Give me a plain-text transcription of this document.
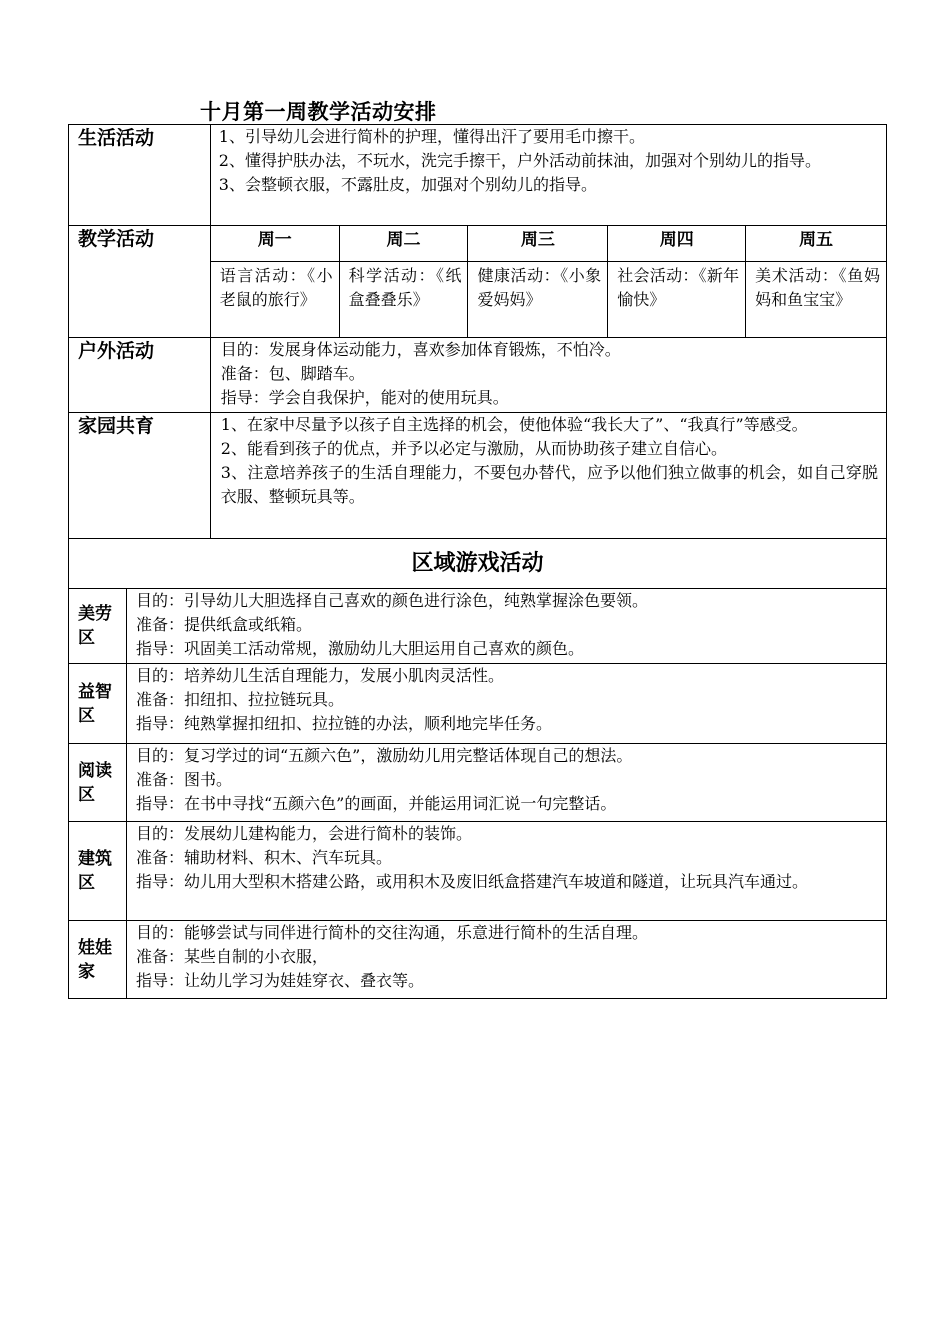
十月第一周教学活动安排
生活活动	1、引导幼儿会进行简朴的护理，懂得出汗了要用毛巾擦干。
2、懂得护肤办法，不玩水，洗完手擦干，户外活动前抹油，加强对个别幼儿的指导。
3、会整顿衣服，不露肚皮，加强对个别幼儿的指导。				

教学活动	周一	周二	周三	周四	周五
	语言活动：《小老鼠的旅行》	科学活动：《纸盒叠叠乐》	健康活动：《小象爱妈妈》	社会活动：《新年愉快》	美术活动：《鱼妈妈和鱼宝宝》
户外活动	目的：发展身体运动能力，喜欢参加体育锻炼，不怕冷。
准备：包、脚踏车。
指导：学会自我保护，能对的使用玩具。				

家园共育	1、在家中尽量予以孩子自主选择的机会，使他体验“我长大了”、“我真行”等感受。
2、能看到孩子的优点，并予以必定与激励，从而协助孩子建立自信心。
3、注意培养孩子的生活自理能力，不要包办替代，应予以他们独立做事的机会，如自己穿脱衣服、整顿玩具等。				
区域游戏活动	
美劳区	目的：引导幼儿大胆选择自己喜欢的颜色进行涂色，纯熟掌握涂色要领。
准备：提供纸盒或纸箱。
指导：巩固美工活动常规，激励幼儿大胆运用自己喜欢的颜色。

益智区	目的：培养幼儿生活自理能力，发展小肌肉灵活性。
准备：扣纽扣、拉拉链玩具。
指导：纯熟掌握扣纽扣、拉拉链的办法，顺利地完毕任务。

阅读区	目的：复习学过的词“五颜六色”，激励幼儿用完整话体现自己的想法。
准备：图书。
指导：在书中寻找“五颜六色”的画面，并能运用词汇说一句完整话。

建筑区	目的：发展幼儿建构能力，会进行简朴的装饰。
准备：辅助材料、积木、汽车玩具。
指导：幼儿用大型积木搭建公路，或用积木及废旧纸盒搭建汽车坡道和隧道，让玩具汽车通过。

娃娃家	目的：能够尝试与同伴进行简朴的交往沟通，乐意进行简朴的生活自理。
准备：某些自制的小衣服，
指导：让幼儿学习为娃娃穿衣、叠衣等。
